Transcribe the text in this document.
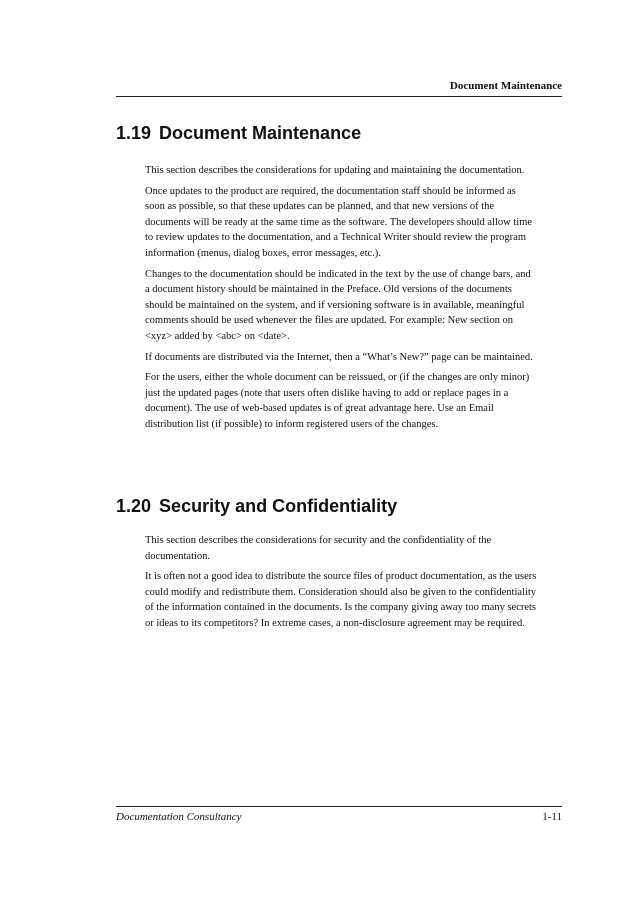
Document Maintenance
1.19 Document Maintenance

This section describes the considerations for updating and maintaining the documentation.

Once updates to the product are required, the documentation staff should be informed as soon as possible, so that these updates can be planned, and that new versions of the documents will be ready at the same time as the software. The developers should allow time to review updates to the documentation, and a Technical Writer should review the program information (menus, dialog boxes, error messages, etc.).

Changes to the documentation should be indicated in the text by the use of change bars, and a document history should be maintained in the Preface. Old versions of the documents should be maintained on the system, and if versioning software is in available, meaningful comments should be used whenever the files are updated. For example: New section on <xyz> added by <abc> on <date>.

If documents are distributed via the Internet, then a “What’s New?” page can be maintained.

For the users, either the whole document can be reissued, or (if the changes are only minor) just the updated pages (note that users often dislike having to add or replace pages in a document). The use of web-based updates is of great advantage here. Use an Email distribution list (if possible) to inform registered users of the changes.

1.20 Security and Confidentiality

This section describes the considerations for security and the confidentiality of the documentation.

It is often not a good idea to distribute the source files of product documentation, as the users could modify and redistribute them. Consideration should also be given to the confidentiality of the information contained in the documents. Is the company giving away too many secrets or ideas to its competitors? In extreme cases, a non-disclosure agreement may be required.

Documentation Consultancy	1-11
